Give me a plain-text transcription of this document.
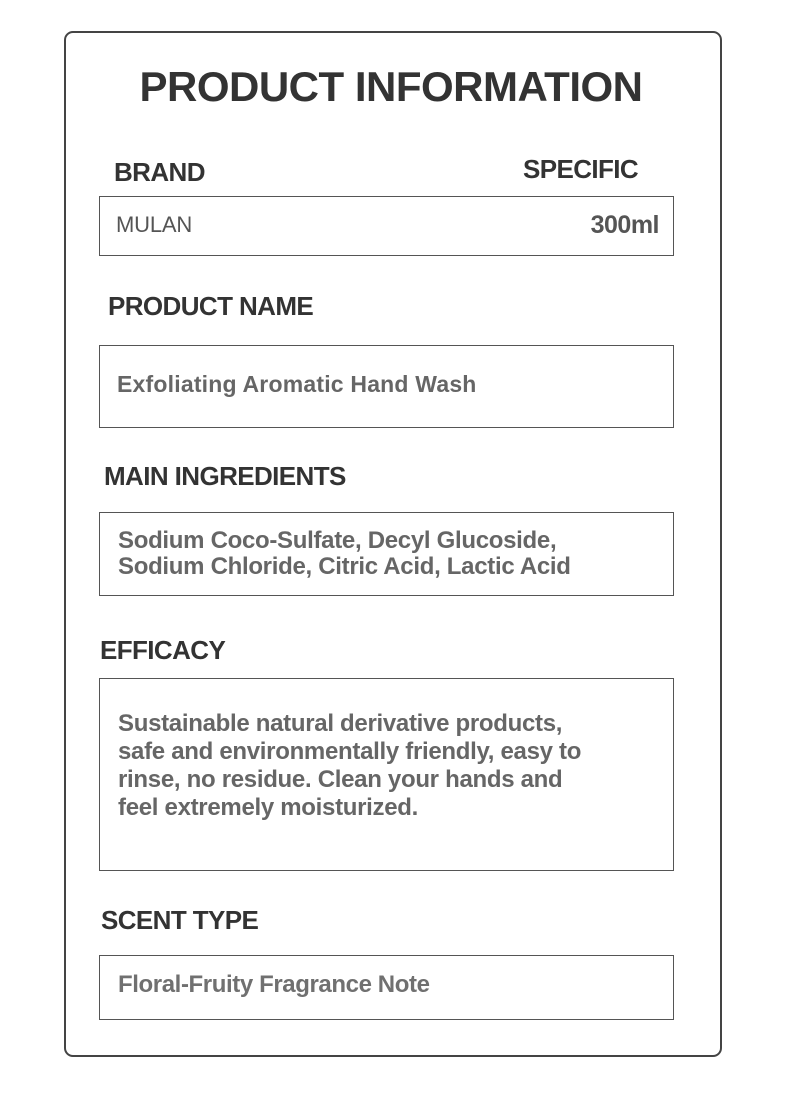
PRODUCT INFORMATION
BRAND	SPECIFIC
MULAN	300ml
PRODUCT NAME
Exfoliating Aromatic Hand Wash
MAIN INGREDIENTS
Sodium Coco-Sulfate, Decyl Glucoside,
Sodium Chloride, Citric Acid, Lactic Acid
EFFICACY
Sustainable natural derivative products,
safe and environmentally friendly, easy to
rinse, no residue. Clean your hands and
feel extremely moisturized.
SCENT TYPE
Floral-Fruity Fragrance Note
